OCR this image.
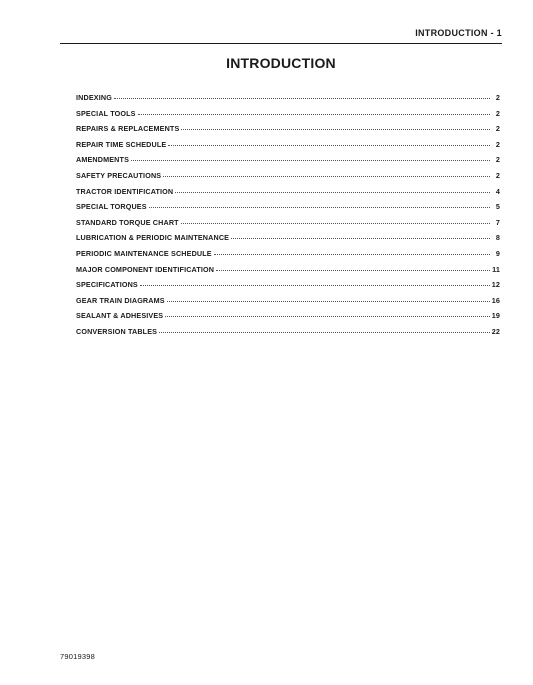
INTRODUCTION - 1
INTRODUCTION
INDEXING	2
SPECIAL TOOLS	2
REPAIRS & REPLACEMENTS	2
REPAIR TIME SCHEDULE	2
AMENDMENTS	2
SAFETY PRECAUTIONS	2
TRACTOR IDENTIFICATION	4
SPECIAL TORQUES	5
STANDARD TORQUE CHART	7
LUBRICATION & PERIODIC MAINTENANCE	8
PERIODIC MAINTENANCE SCHEDULE	9
MAJOR COMPONENT IDENTIFICATION	11
SPECIFICATIONS	12
GEAR TRAIN DIAGRAMS	16
SEALANT & ADHESIVES	19
CONVERSION TABLES	22
79019398
